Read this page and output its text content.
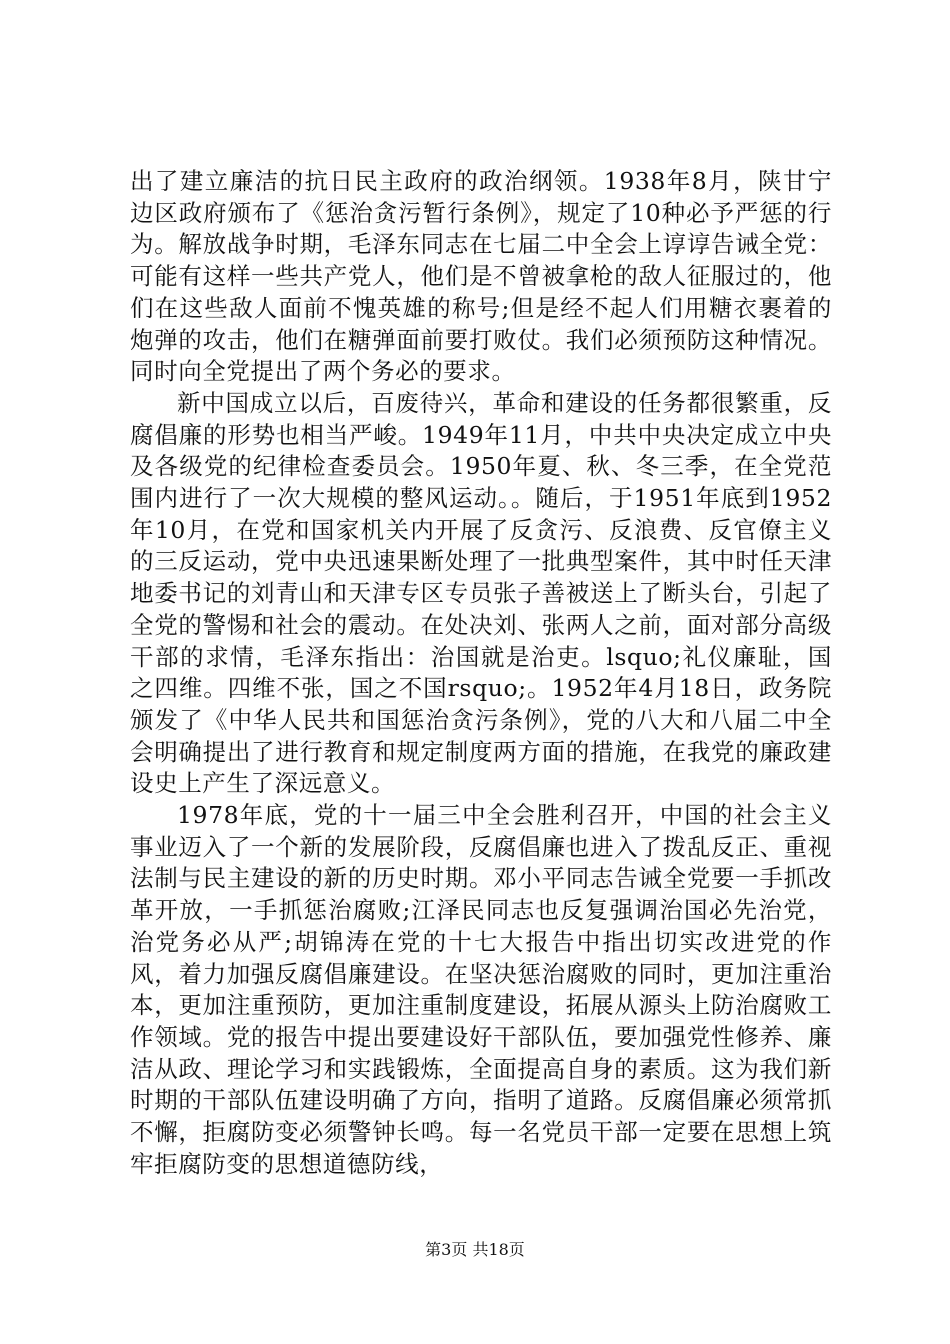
出了建立廉洁的抗日民主政府的政治纲领。1938年8月，陕甘宁边区政府颁布了《惩治贪污暂行条例》，规定了10种必予严惩的行为。解放战争时期，毛泽东同志在七届二中全会上谆谆告诫全党：可能有这样一些共产党人，他们是不曾被拿枪的敌人征服过的，他们在这些敌人面前不愧英雄的称号;但是经不起人们用糖衣裹着的炮弹的攻击，他们在糖弹面前要打败仗。我们必须预防这种情况。同时向全党提出了两个务必的要求。

新中国成立以后，百废待兴，革命和建设的任务都很繁重，反腐倡廉的形势也相当严峻。1949年11月，中共中央决定成立中央及各级党的纪律检查委员会。1950年夏、秋、冬三季，在全党范围内进行了一次大规模的整风运动。。随后，于1951年底到1952年10月，在党和国家机关内开展了反贪污、反浪费、反官僚主义的三反运动，党中央迅速果断处理了一批典型案件，其中时任天津地委书记的刘青山和天津专区专员张子善被送上了断头台，引起了全党的警惕和社会的震动。在处决刘、张两人之前，面对部分高级干部的求情，毛泽东指出：治国就是治吏。lsquo;礼仪廉耻，国之四维。四维不张，国之不国rsquo;。1952年4月18日，政务院颁发了《中华人民共和国惩治贪污条例》，党的八大和八届二中全会明确提出了进行教育和规定制度两方面的措施，在我党的廉政建设史上产生了深远意义。

1978年底，党的十一届三中全会胜利召开，中国的社会主义事业迈入了一个新的发展阶段，反腐倡廉也进入了拨乱反正、重视法制与民主建设的新的历史时期。邓小平同志告诫全党要一手抓改革开放，一手抓惩治腐败;江泽民同志也反复强调治国必先治党，治党务必从严;胡锦涛在党的十七大报告中指出切实改进党的作风，着力加强反腐倡廉建设。在坚决惩治腐败的同时，更加注重治本，更加注重预防，更加注重制度建设，拓展从源头上防治腐败工作领域。党的报告中提出要建设好干部队伍，要加强党性修养、廉洁从政、理论学习和实践锻炼，全面提高自身的素质。这为我们新时期的干部队伍建设明确了方向，指明了道路。反腐倡廉必须常抓不懈，拒腐防变必须警钟长鸣。每一名党员干部一定要在思想上筑牢拒腐防变的思想道德防线，

第3页 共18页
